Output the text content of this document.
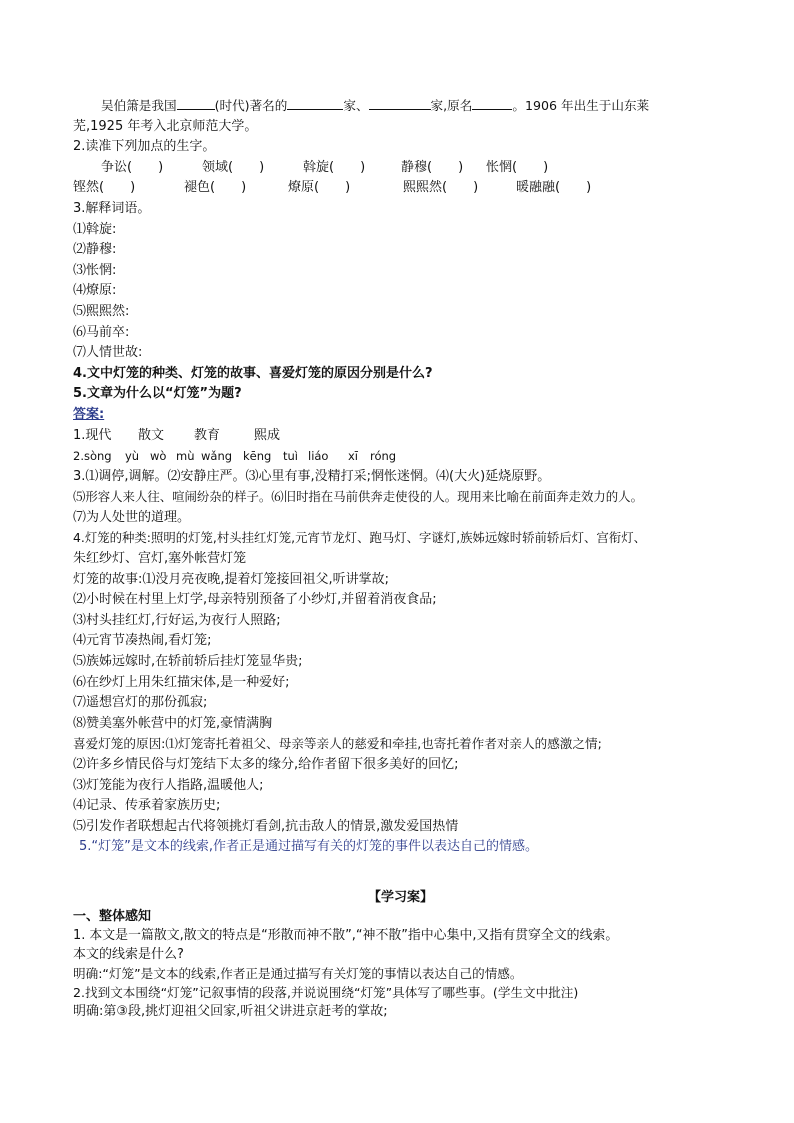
吴伯箫是我国	(时代)著名的	家、	家,原名	。1906 年出生于山东莱
芜,1925 年考入北京师范大学。
2.读准下列加点的生字。
争讼(　　)	领域(　　)	斡旋(　　)	静穆(　　) 怅惘(　　)
铿然(　　)	褪色(　　)	燎原(　　)	熙熙然(　　)	暖融融(　　)
3.解释词语。
⑴斡旋:
⑵静穆:
⑶怅惘:
⑷燎原:
⑸熙熙然:
⑹马前卒:
⑺人情世故:
4.文中灯笼的种类、灯笼的故事、喜爱灯笼的原因分别是什么?
5.文章为什么以“灯笼”为题?
答案:
1.现代 散文 教育	熙成
2.sòng yù wò mù wǎng kēng tuì liáo xī róng
3.⑴调停,调解。⑵安静庄严。⑶心里有事,没精打采;惘怅迷惘。⑷(大火)延烧原野。
⑸形容人来人往、喧闹纷杂的样子。⑹旧时指在马前供奔走使役的人。现用来比喻在前面奔走效力的人。
⑺为人处世的道理。
4.灯笼的种类:照明的灯笼,村头挂红灯笼,元宵节龙灯、跑马灯、字谜灯,族姊远嫁时轿前轿后灯、宫衔灯、
朱红纱灯、宫灯,塞外帐营灯笼
灯笼的故事:⑴没月亮夜晚,提着灯笼接回祖父,听讲掌故;
⑵小时候在村里上灯学,母亲特别预备了小纱灯,并留着消夜食品;
⑶村头挂红灯,行好运,为夜行人照路;
⑷元宵节凑热闹,看灯笼;
⑸族姊远嫁时,在轿前轿后挂灯笼显华贵;
⑹在纱灯上用朱红描宋体,是一种爱好;
⑺遥想宫灯的那份孤寂;
⑻赞美塞外帐营中的灯笼,豪情满胸
喜爱灯笼的原因:⑴灯笼寄托着祖父、母亲等亲人的慈爱和牵挂,也寄托着作者对亲人的感激之情;
⑵许多乡情民俗与灯笼结下太多的缘分,给作者留下很多美好的回忆;
⑶灯笼能为夜行人指路,温暖他人;
⑷记录、传承着家族历史;
⑸引发作者联想起古代将领挑灯看剑,抗击敌人的情景,激发爱国热情
5.“灯笼”是文本的线索,作者正是通过描写有关的灯笼的事件以表达自己的情感。
【学习案】
一、整体感知
1. 本文是一篇散文,散文的特点是“形散而神不散”,“神不散”指中心集中,又指有贯穿全文的线索。
本文的线索是什么?
明确:“灯笼”是文本的线索,作者正是通过描写有关灯笼的事情以表达自己的情感。
2.找到文本围绕“灯笼”记叙事情的段落,并说说围绕“灯笼”具体写了哪些事。(学生文中批注)
明确:第③段,挑灯迎祖父回家,听祖父讲进京赶考的掌故;
